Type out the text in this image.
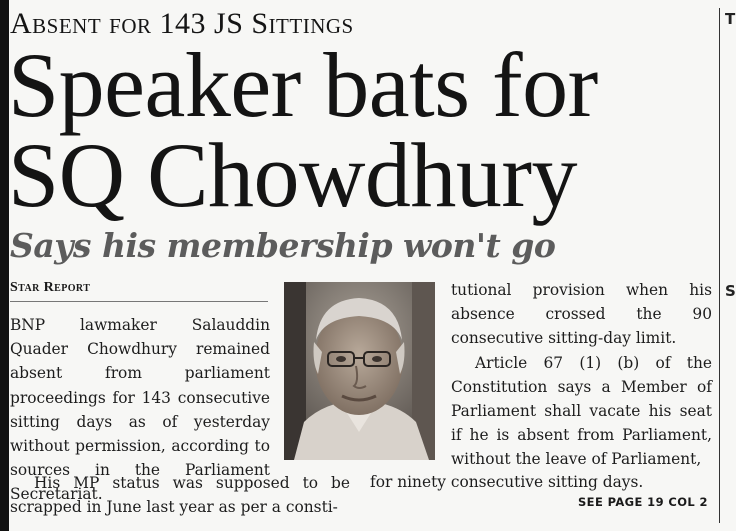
Absent for 143 JS Sittings
Speaker bats for
SQ Chowdhury
Says his membership won't go
Star Report

BNP lawmaker Salauddin Quader Chowdhury remained absent from parliament proceedings for 143 consecutive sitting days as of yesterday without permission, according to sources in the Parliament Secretariat.

His MP status was supposed to be scrapped in June last year as per a consti-

tutional provision when his absence crossed the 90 consecutive sitting-day limit.

Article 67 (1) (b) of the Constitution says a Member of Parliament shall vacate his seat if he is absent from Parliament, without the leave of Parliament,

for ninety consecutive sitting days.

SEE PAGE 19 COL 2
T
S
